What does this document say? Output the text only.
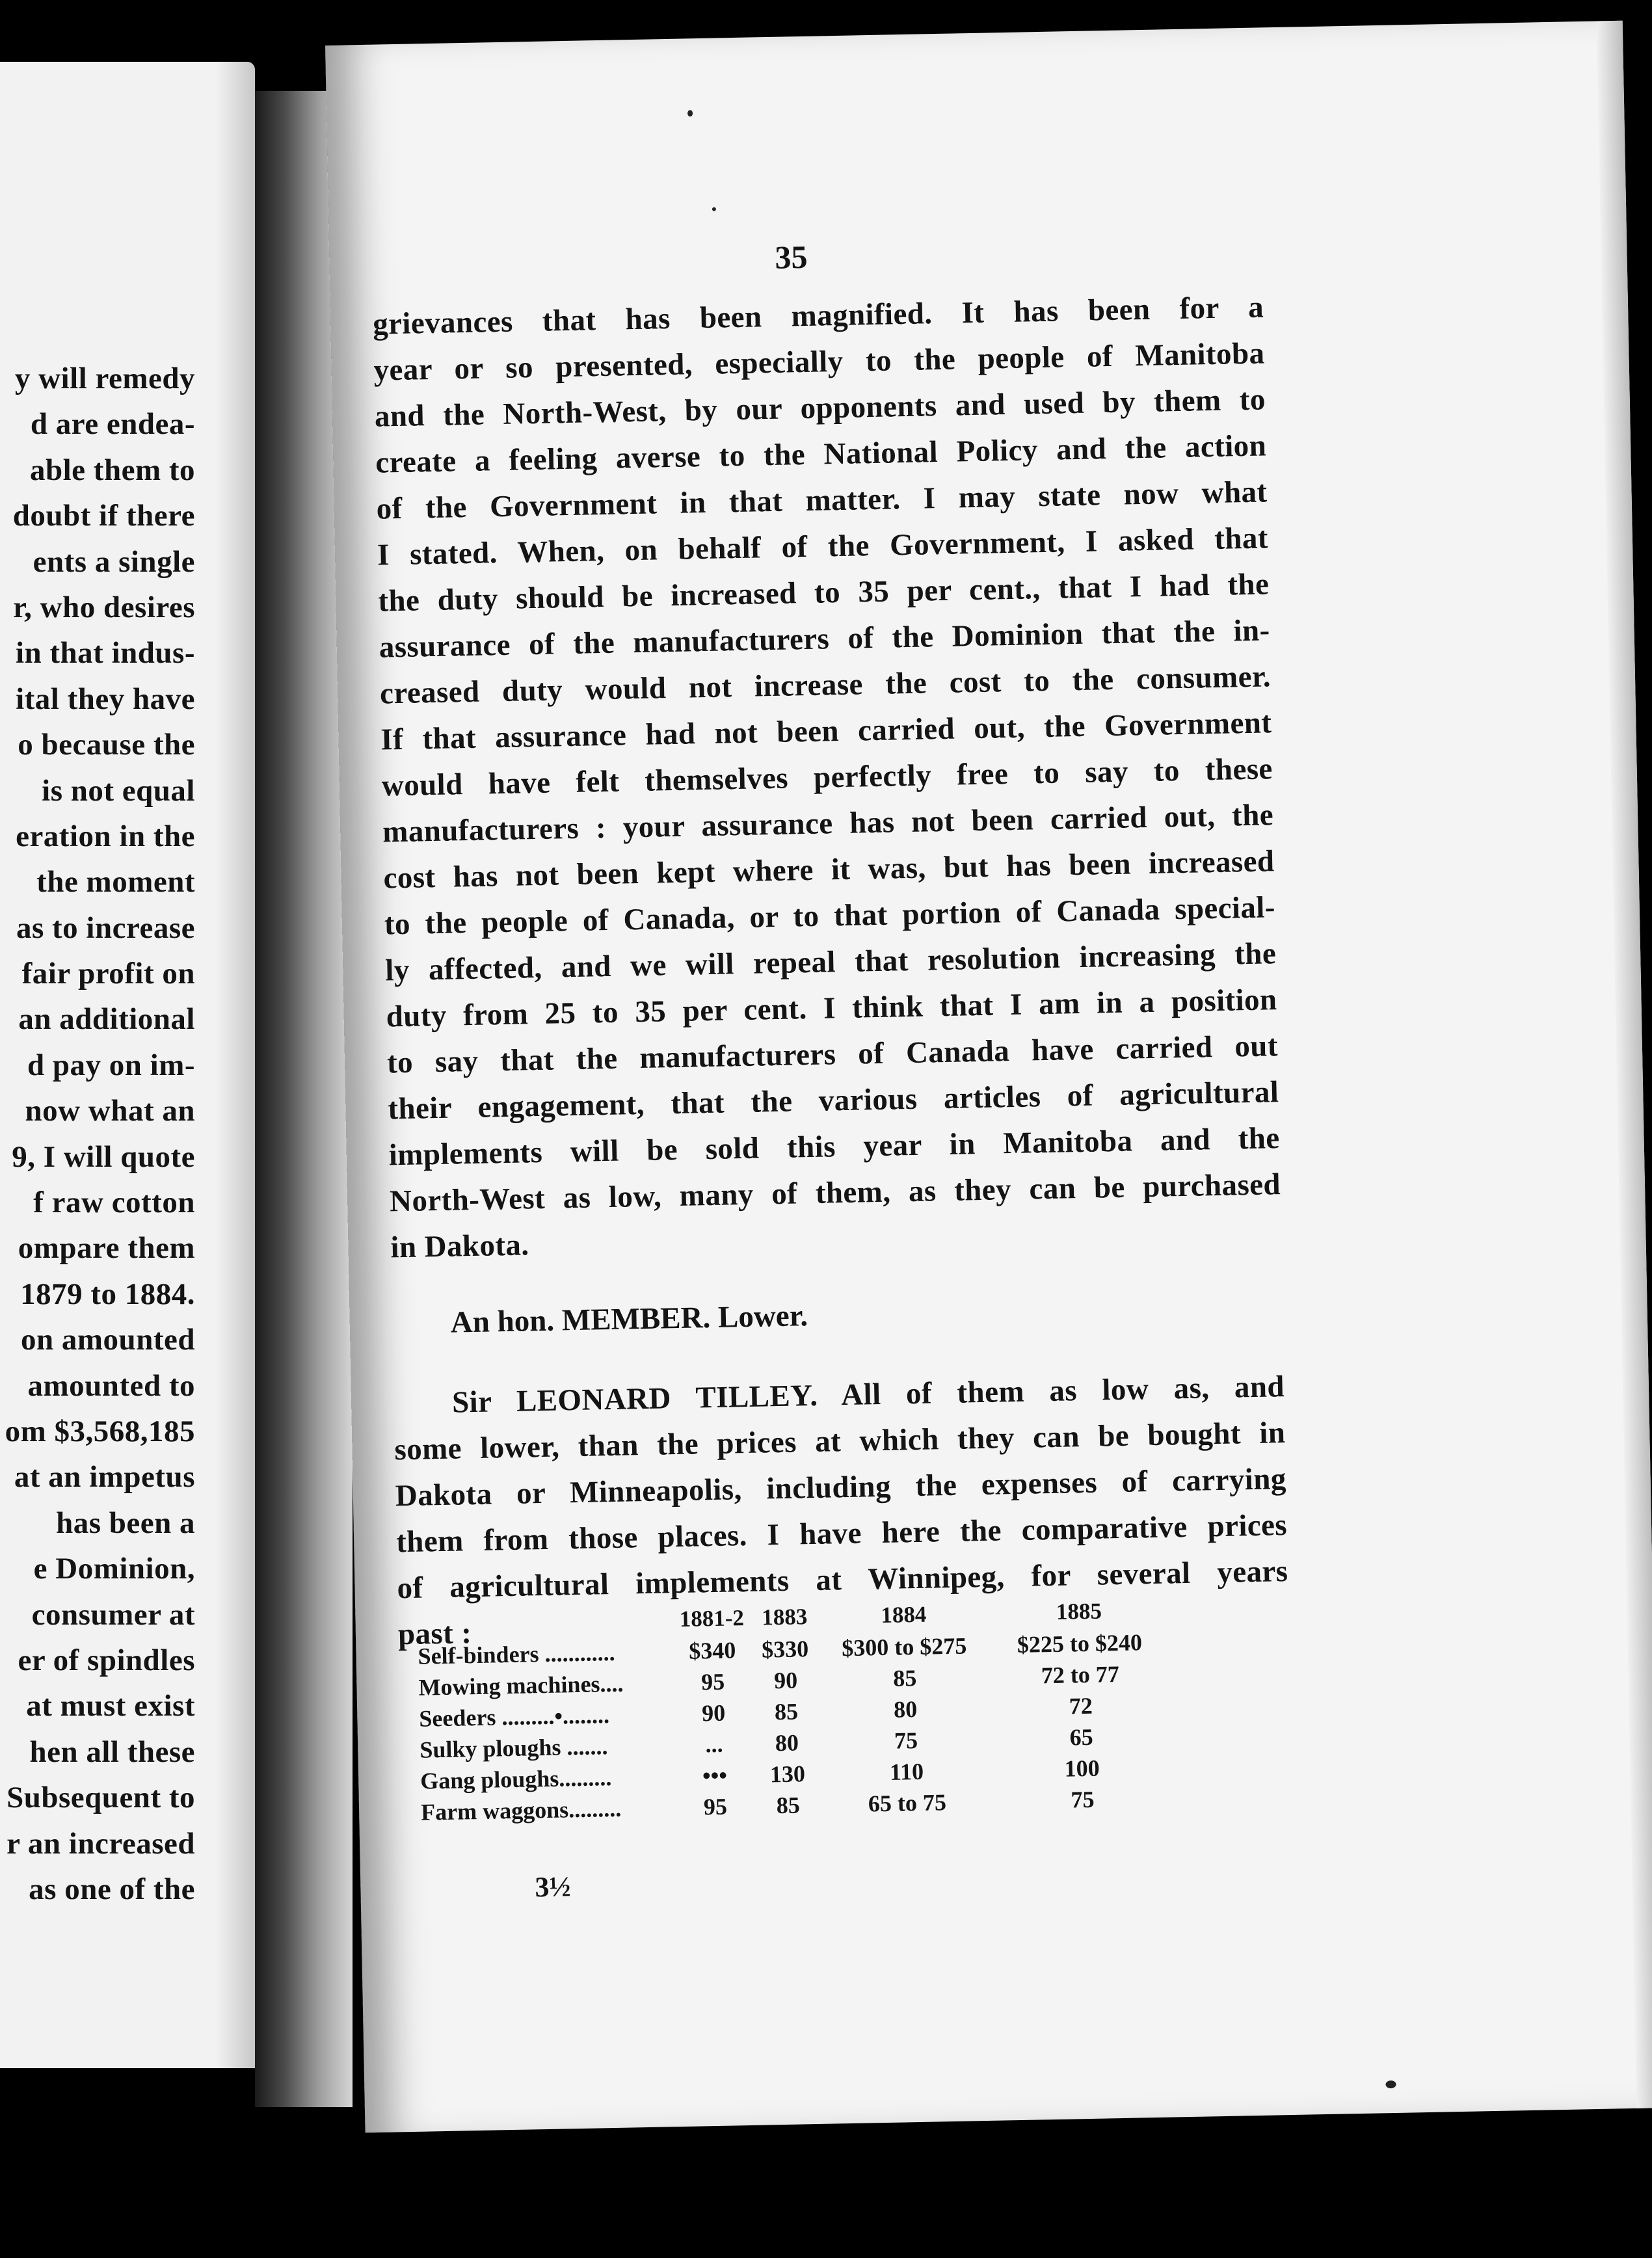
y will remedy
d are endea-
able them to
doubt if there
ents a single
r, who desires
in that indus-
ital they have
o because the
is not equal
eration in the
the moment
as to increase
fair profit on
an additional
d pay on im-
now what an
9, I will quote
f raw cotton
ompare them
1879 to 1884.
on amounted
amounted to
om $3,568,185
at an impetus
has been a
e Dominion,
consumer at
er of spindles
at must exist
hen all these
Subsequent to
r an increased
as one of the
35
grievances that has been magnified. It has been for a
year or so presented, especially to the people of Manitoba
and the North-West, by our opponents and used by them to
create a feeling averse to the National Policy and the action
of the Government in that matter. I may state now what
I stated. When, on behalf of the Government, I asked that
the duty should be increased to 35 per cent., that I had the
assurance of the manufacturers of the Dominion that the in-
creased duty would not increase the cost to the consumer.
If that assurance had not been carried out, the Government
would have felt themselves perfectly free to say to these
manufacturers : your assurance has not been carried out, the
cost has not been kept where it was, but has been increased
to the people of Canada, or to that portion of Canada special-
ly affected, and we will repeal that resolution increasing the
duty from 25 to 35 per cent. I think that I am in a position
to say that the manufacturers of Canada have carried out
their engagement, that the various articles of agricultural
implements will be sold this year in Manitoba and the
North-West as low, many of them, as they can be purchased
in Dakota.
An hon. MEMBER. Lower.
Sir LEONARD TILLEY. All of them as low as, and
some lower, than the prices at which they can be bought in
Dakota or Minneapolis, including the expenses of carrying
them from those places. I have here the comparative prices
of agricultural implements at Winnipeg, for several years
past :
		1881-2	1883	1884	1885
Self-binders ............	$340	$330	$300 to $275	$225 to $240
Mowing machines....	95	90	85	72 to 77
Seeders .........•........	90	85	80	72
Sulky ploughs .......	...	80	75	65
Gang ploughs.........	•••	130	110	100
Farm waggons.........	95	85	65 to 75	75
3½
